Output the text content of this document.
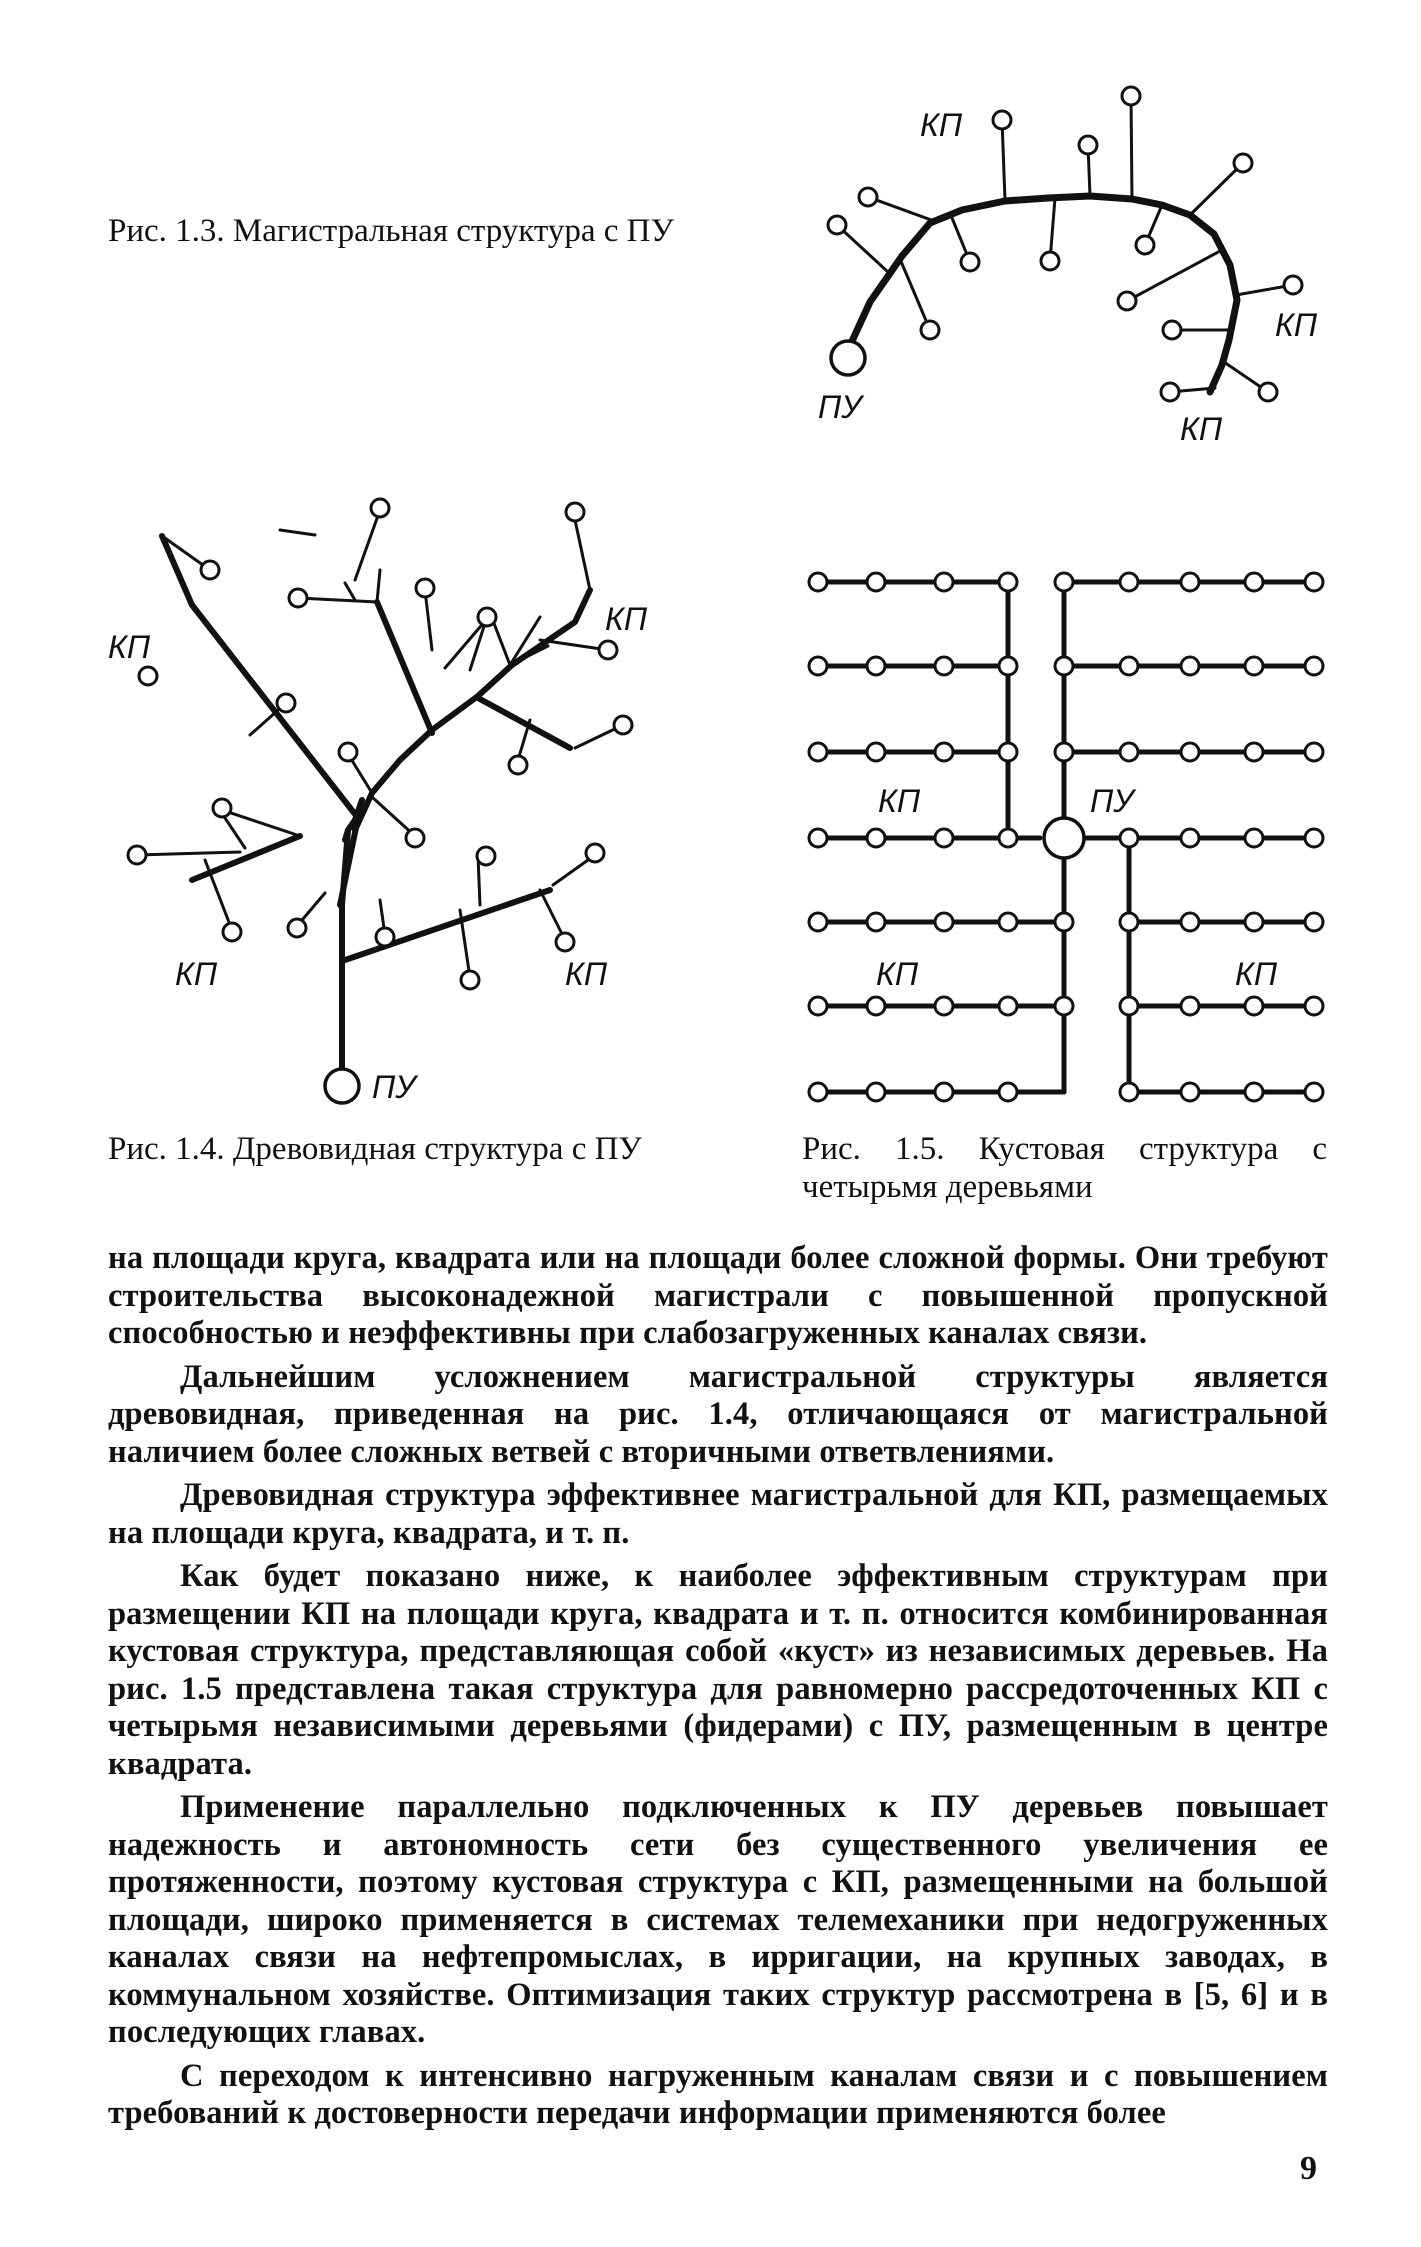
Рис. 1.3. Магистральная структура с ПУ

КП
КП
КП
ПУ
КП
КП
КП	КП
ПУ

Рис. 1.4. Древовидная структура с ПУ

КП	ПУ
КП	КП

Рис. 1.5. Кустовая структура с четырьмя деревьями

на площади круга, квадрата или на площади более сложной формы. Они требуют строительства высоконадежной магистрали с повышенной пропускной способностью и неэффективны при слабозагруженных каналах связи.

Дальнейшим усложнением магистральной структуры является древовидная, приведенная на рис. 1.4, отличающаяся от магистральной наличием более сложных ветвей с вторичными ответвлениями.

Древовидная структура эффективнее магистральной для КП, размещаемых на площади круга, квадрата, и т. п.

Как будет показано ниже, к наиболее эффективным структурам при размещении КП на площади круга, квадрата и т. п. относится комбинированная кустовая структура, представляющая собой «куст» из независимых деревьев. На рис. 1.5 представлена такая структура для равномерно рассредоточенных КП с четырьмя независимыми деревьями (фидерами) с ПУ, размещенным в центре квадрата.

Применение параллельно подключенных к ПУ деревьев повышает надежность и автономность сети без существенного увеличения ее протяженности, поэтому кустовая структура с КП, размещенными на большой площади, широко применяется в системах телемеханики при недогруженных каналах связи на нефтепромыслах, в ирригации, на крупных заводах, в коммунальном хозяйстве. Оптимизация таких структур рассмотрена в [5, 6] и в последующих главах.

С переходом к интенсивно нагруженным каналам связи и с повышением требований к достоверности передачи информации применяются более

9
